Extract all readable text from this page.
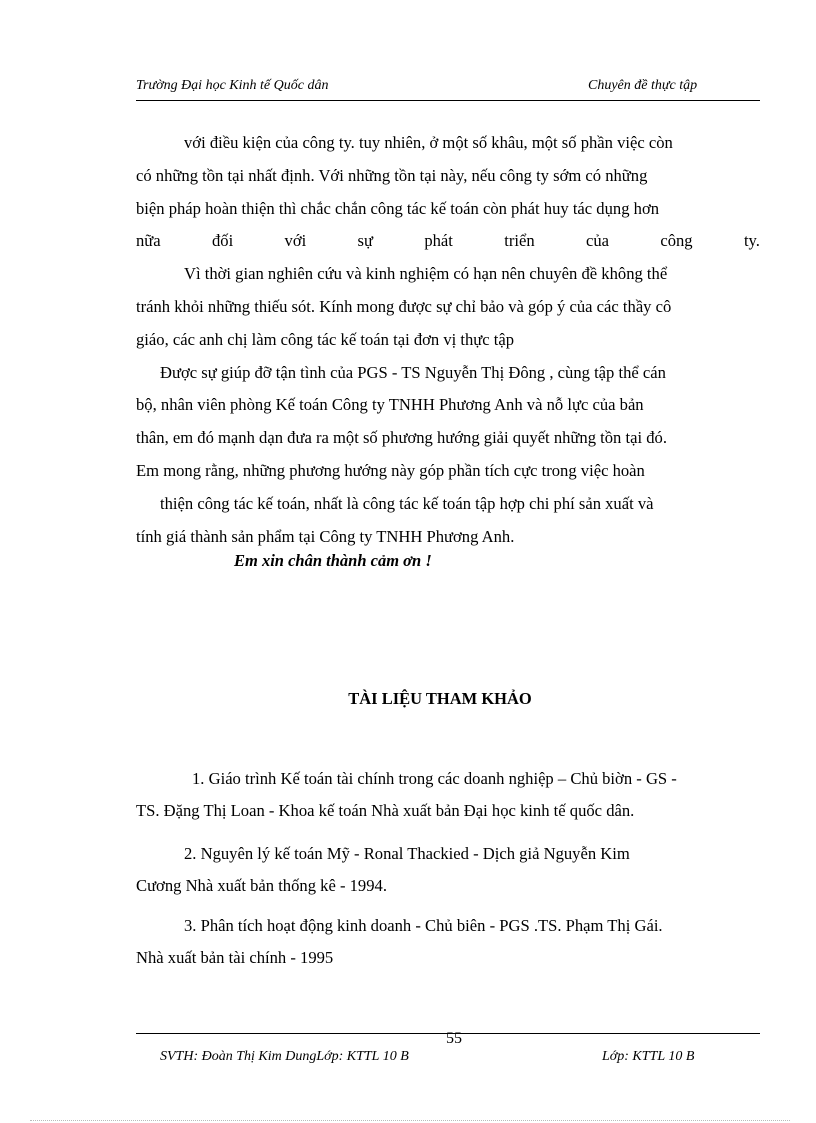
Trường Đại học Kinh tế Quốc dân	Chuyên đề thực tập
với điều kiện của công ty. tuy nhiên, ở một số khâu, một số phần việc còn
có những tồn tại nhất định. Với những tồn tại này, nếu công ty sớm có những
biện pháp hoàn thiện thì chắc chắn công tác kế toán còn phát huy tác dụng hơn
nữa	đối	với	sự	phát	triển	của	công	ty.
Vì thời gian nghiên cứu và kinh nghiệm có hạn nên chuyên đề không thể
tránh khỏi những thiếu sót. Kính mong được sự chỉ bảo và góp ý của các thầy cô
giáo, các anh chị làm công tác kế toán tại đơn vị thực tập
Được sự giúp đỡ tận tình của PGS - TS Nguyễn Thị Đông , cùng tập thể cán
bộ, nhân viên phòng Kế toán Công ty TNHH Phương Anh và nỗ lực của bản
thân, em đó mạnh dạn đưa ra một số phương hướng giải quyết những tồn tại đó.
Em mong rằng, những phương hướng này góp phần tích cực trong việc hoàn
thiện công tác kế toán, nhất là công tác kế toán tập hợp chi phí sản xuất và
tính giá thành sản phẩm tại Công ty TNHH Phương Anh.
Em xin chân thành cảm ơn !
TÀI LIỆU THAM KHẢO
1. Giáo trình Kế toán tài chính trong các doanh nghiệp – Chủ biờn - GS -
TS. Đặng Thị Loan - Khoa kế toán Nhà xuất bản Đại học kinh tế quốc dân.
2. Nguyên lý kế toán Mỹ - Ronal Thackied - Dịch giả Nguyễn Kim
Cương Nhà xuất bản thống kê - 1994.
3. Phân tích hoạt động kinh doanh - Chủ biên - PGS .TS. Phạm Thị Gái.
Nhà xuất bản tài chính - 1995
55
SVTH: Đoàn Thị Kim DungLớp: KTTL 10 B	Lớp: KTTL 10 B
